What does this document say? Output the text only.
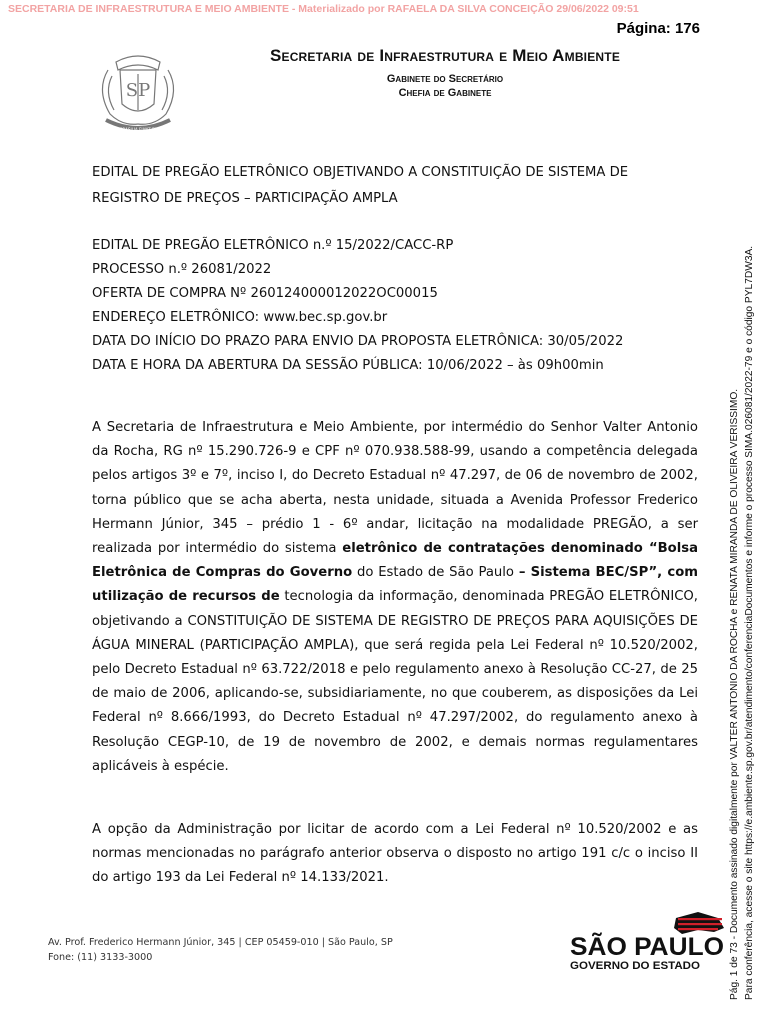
SECRETARIA DE INFRAESTRUTURA E MEIO AMBIENTE - Materializado por RAFAELA DA SILVA CONCEIÇÃO 29/06/2022 09:51
Página: 176
SP
PRO BRASILIA FIANT EXIMIA
Secretaria de Infraestrutura e Meio Ambiente
Gabinete do Secretário
Chefia de Gabinete
EDITAL DE PREGÃO ELETRÔNICO OBJETIVANDO A CONSTITUIÇÃO DE SISTEMA DE REGISTRO DE PREÇOS – PARTICIPAÇÃO AMPLA
EDITAL DE PREGÃO ELETRÔNICO n.º 15/2022/CACC-RP
PROCESSO n.º 26081/2022
OFERTA DE COMPRA Nº 260124000012022OC00015
ENDEREÇO ELETRÔNICO: www.bec.sp.gov.br
DATA DO INÍCIO DO PRAZO PARA ENVIO DA PROPOSTA ELETRÔNICA: 30/05/2022
DATA E HORA DA ABERTURA DA SESSÃO PÚBLICA: 10/06/2022 – às 09h00min
A Secretaria de Infraestrutura e Meio Ambiente, por intermédio do Senhor Valter Antonio da Rocha, RG nº 15.290.726-9 e CPF nº 070.938.588-99, usando a competência delegada pelos artigos 3º e 7º, inciso I, do Decreto Estadual nº 47.297, de 06 de novembro de 2002, torna público que se acha aberta, nesta unidade, situada a Avenida Professor Frederico Hermann Júnior, 345 – prédio 1 - 6º andar, licitação na modalidade PREGÃO, a ser realizada por intermédio do sistema eletrônico de contratações denominado “Bolsa Eletrônica de Compras do Governo do Estado de São Paulo – Sistema BEC/SP”, com utilização de recursos de tecnologia da informação, denominada PREGÃO ELETRÔNICO, objetivando a CONSTITUIÇÃO DE SISTEMA DE REGISTRO DE PREÇOS PARA AQUISIÇÕES DE ÁGUA MINERAL (PARTICIPAÇÃO AMPLA), que será regida pela Lei Federal nº 10.520/2002, pelo Decreto Estadual nº 63.722/2018 e pelo regulamento anexo à Resolução CC-27, de 25 de maio de 2006, aplicando-se, subsidiariamente, no que couberem, as disposições da Lei Federal nº 8.666/1993, do Decreto Estadual nº 47.297/2002, do regulamento anexo à Resolução CEGP-10, de 19 de novembro de 2002, e demais normas regulamentares aplicáveis à espécie.
A opção da Administração por licitar de acordo com a Lei Federal nº 10.520/2002 e as normas mencionadas no parágrafo anterior observa o disposto no artigo 191 c/c o inciso II do artigo 193 da Lei Federal nº 14.133/2021.
Av. Prof. Frederico Hermann Júnior, 345 | CEP 05459-010 | São Paulo, SP
Fone: (11) 3133-3000	SÃO PAULO
GOVERNO DO ESTADO	Pág. 1 de 73 - Documento assinado digitalmente por VALTER ANTONIO DA ROCHA e RENATA MIRANDA DE OLIVEIRA VERISSIMO. Para conferência, acesse o site https://e.ambiente.sp.gov.br/atendimento/conferenciaDocumentos e informe o processo SIMA.026081/2022-79 e o código PYL7DW3A.
